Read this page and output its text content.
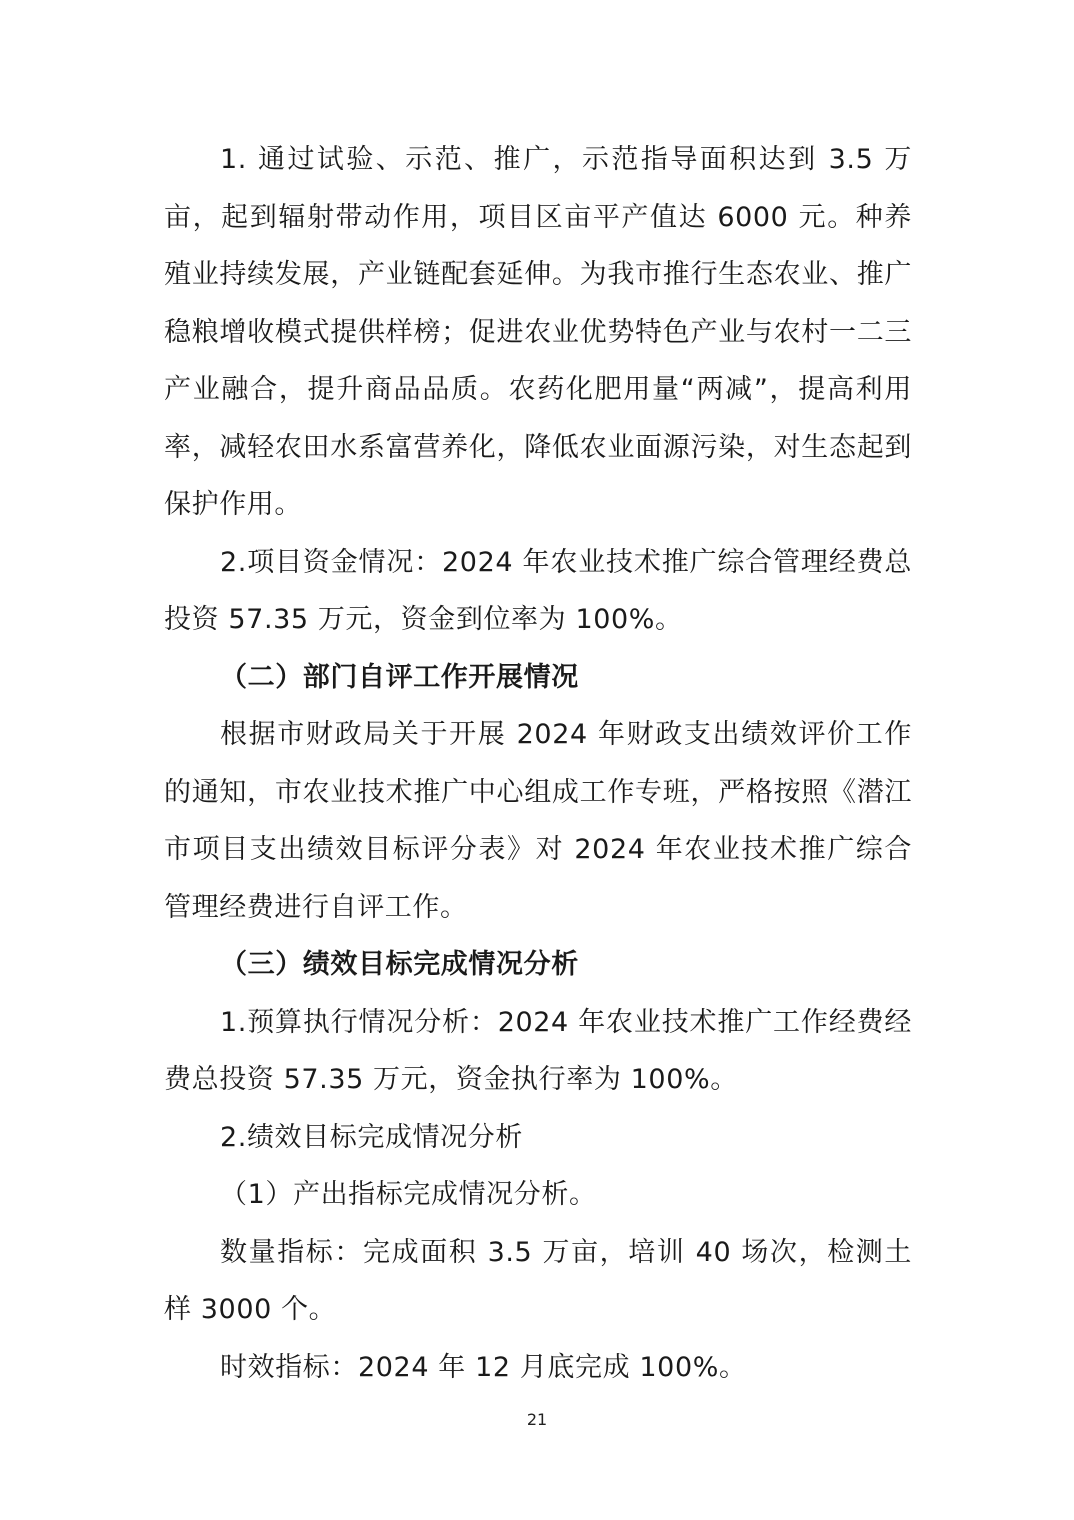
1. 通过试验、示范、推广，示范指导面积达到 3.5 万亩，起到辐射带动作用，项目区亩平产值达 6000 元。种养殖业持续发展，产业链配套延伸。为我市推行生态农业、推广稳粮增收模式提供样榜；促进农业优势特色产业与农村一二三产业融合，提升商品品质。农药化肥用量“两减”，提高利用率，减轻农田水系富营养化，降低农业面源污染，对生态起到保护作用。

2.项目资金情况：2024 年农业技术推广综合管理经费总投资 57.35 万元，资金到位率为 100%。

（二）部门自评工作开展情况

根据市财政局关于开展 2024 年财政支出绩效评价工作的通知，市农业技术推广中心组成工作专班，严格按照《潜江市项目支出绩效目标评分表》对 2024 年农业技术推广综合管理经费进行自评工作。

（三）绩效目标完成情况分析

1.预算执行情况分析：2024 年农业技术推广工作经费经费总投资 57.35 万元，资金执行率为 100%。

2.绩效目标完成情况分析

（1）产出指标完成情况分析。

数量指标：完成面积 3.5 万亩，培训 40 场次，检测土样 3000 个。

时效指标：2024 年 12 月底完成 100%。

21
